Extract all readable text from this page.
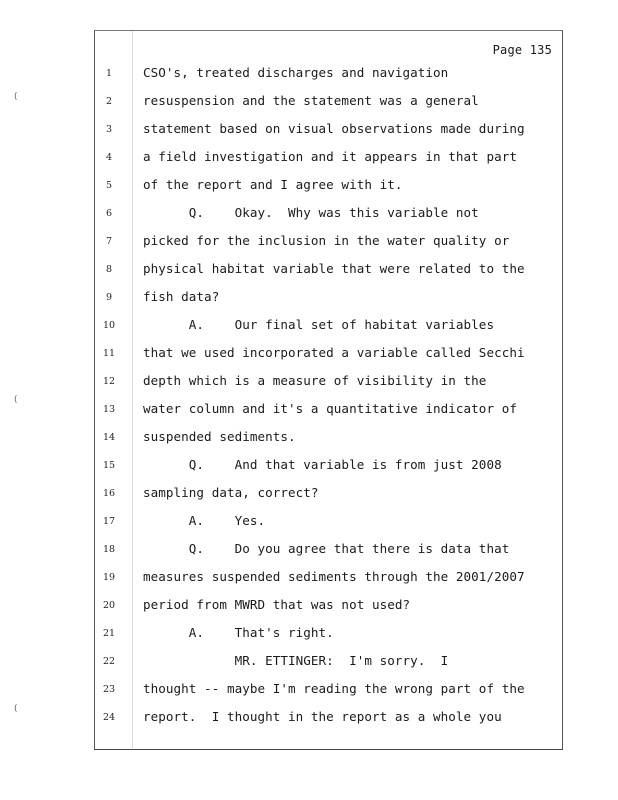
Page 135
(
(
(
1	CSO's, treated discharges and navigation
2	resuspension and the statement was a general
3	statement based on visual observations made during
4	a field investigation and it appears in that part
5	of the report and I agree with it.
6	Q.    Okay.  Why was this variable not
7	picked for the inclusion in the water quality or
8	physical habitat variable that were related to the
9	fish data?
10	A.    Our final set of habitat variables
11	that we used incorporated a variable called Secchi
12	depth which is a measure of visibility in the
13	water column and it's a quantitative indicator of
14	suspended sediments.
15	Q.    And that variable is from just 2008
16	sampling data, correct?
17	A.    Yes.
18	Q.    Do you agree that there is data that
19	measures suspended sediments through the 2001/2007
20	period from MWRD that was not used?
21	A.    That's right.
22	MR. ETTINGER:  I'm sorry.  I
23	thought -- maybe I'm reading the wrong part of the
24	report.  I thought in the report as a whole you
